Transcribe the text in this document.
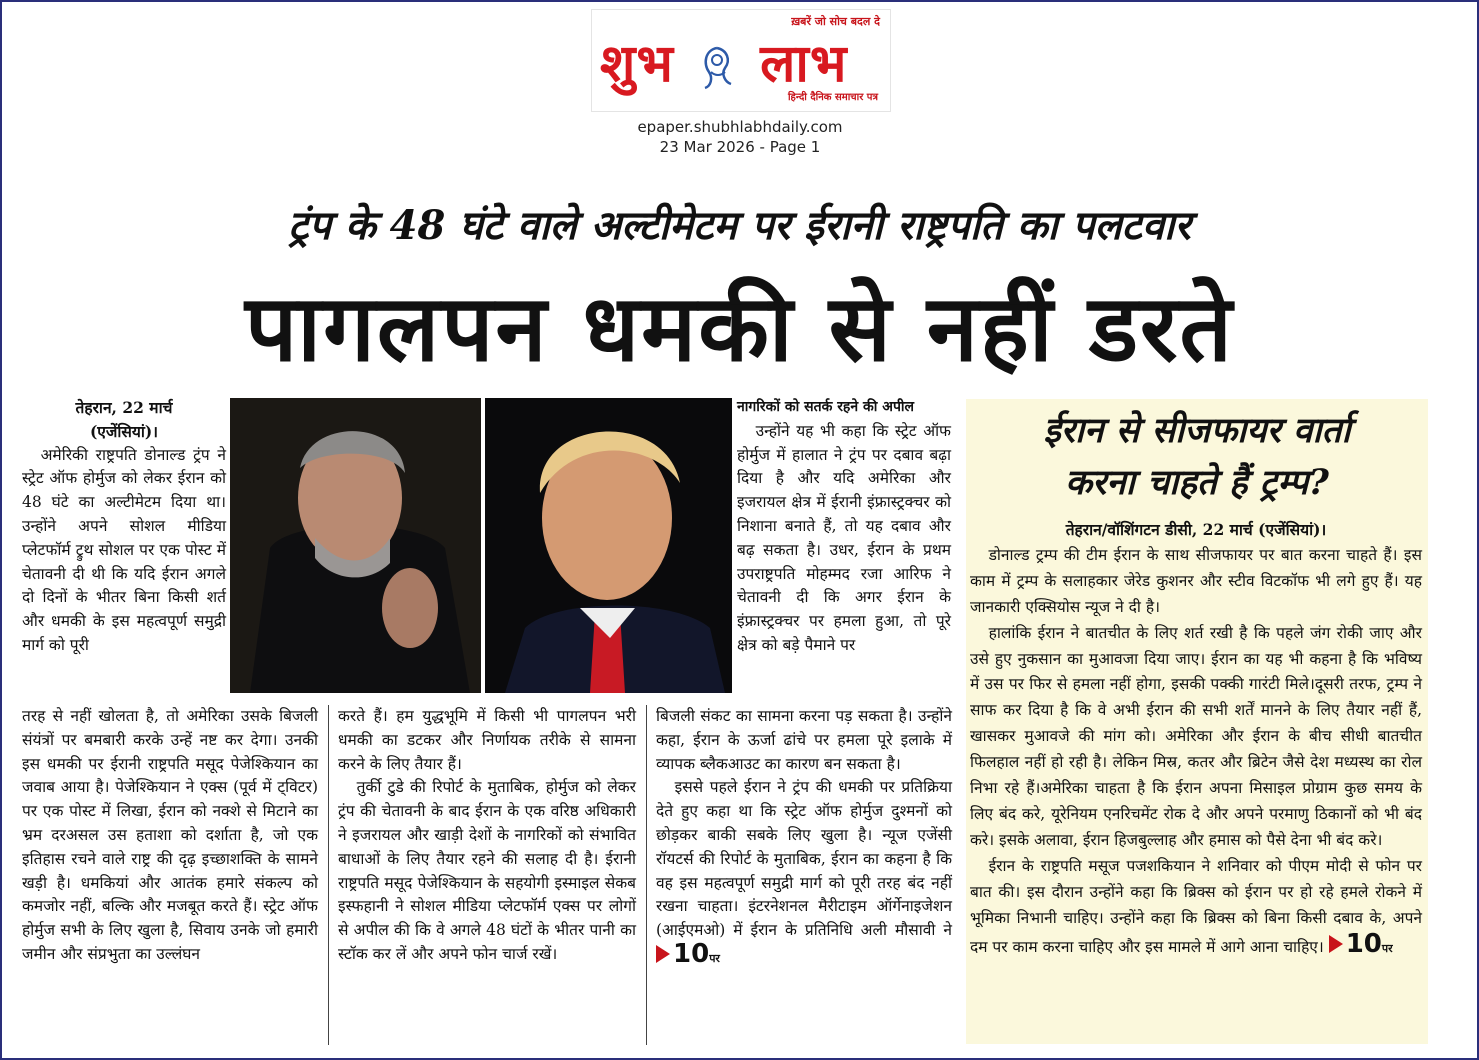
ख़बरें जो सोच बदल दे
शुभ लाभ
हिन्दी दैनिक समाचार पत्र
epaper.shubhlabhdaily.com
23 Mar 2026 - Page 1
ट्रंप के 48 घंटे वाले अल्टीमेटम पर ईरानी राष्ट्रपति का पलटवार
पागलपन धमकी से नहीं डरते

तेहरान, 22 मार्च

(एजेंसियां)।

अमेरिकी राष्ट्रपति डोनाल्ड ट्रंप ने स्ट्रेट ऑफ होर्मुज को लेकर ईरान को 48 घंटे का अल्टीमेटम दिया था। उन्होंने अपने सोशल मीडिया प्लेटफॉर्म ट्रुथ सोशल पर एक पोस्ट में चेतावनी दी थी कि यदि ईरान अगले दो दिनों के भीतर बिना किसी शर्त और धमकी के इस महत्वपूर्ण समुद्री मार्ग को पूरी

नागरिकों को सतर्क रहने की अपील

उन्होंने यह भी कहा कि स्ट्रेट ऑफ होर्मुज में हालात ने ट्रंप पर दबाव बढ़ा दिया है और यदि अमेरिका और इजरायल क्षेत्र में ईरानी इंफ्रास्ट्रक्चर को निशाना बनाते हैं, तो यह दबाव और बढ़ सकता है। उधर, ईरान के प्रथम उपराष्ट्रपति मोहम्मद रजा आरिफ ने चेतावनी दी कि अगर ईरान के इंफ्रास्ट्रक्चर पर हमला हुआ, तो पूरे क्षेत्र को बड़े पैमाने पर

तरह से नहीं खोलता है, तो अमेरिका उसके बिजली संयंत्रों पर बमबारी करके उन्हें नष्ट कर देगा। उनकी इस धमकी पर ईरानी राष्ट्रपति मसूद पेजेश्कियान का जवाब आया है। पेजेश्कियान ने एक्स (पूर्व में ट्विटर) पर एक पोस्ट में लिखा, ईरान को नक्शे से मिटाने का भ्रम दरअसल उस हताशा को दर्शाता है, जो एक इतिहास रचने वाले राष्ट्र की दृढ़ इच्छाशक्ति के सामने खड़ी है। धमकियां और आतंक हमारे संकल्प को कमजोर नहीं, बल्कि और मजबूत करते हैं। स्ट्रेट ऑफ होर्मुज सभी के लिए खुला है, सिवाय उनके जो हमारी जमीन और संप्रभुता का उल्लंघन

करते हैं। हम युद्धभूमि में किसी भी पागलपन भरी धमकी का डटकर और निर्णायक तरीके से सामना करने के लिए तैयार हैं।

तुर्की टुडे की रिपोर्ट के मुताबिक, होर्मुज को लेकर ट्रंप की चेतावनी के बाद ईरान के एक वरिष्ठ अधिकारी ने इजरायल और खाड़ी देशों के नागरिकों को संभावित बाधाओं के लिए तैयार रहने की सलाह दी है। ईरानी राष्ट्रपति मसूद पेजेश्कियान के सहयोगी इस्माइल सेकब इस्फहानी ने सोशल मीडिया प्लेटफॉर्म एक्स पर लोगों से अपील की कि वे अगले 48 घंटों के भीतर पानी का स्टॉक कर लें और अपने फोन चार्ज रखें।

बिजली संकट का सामना करना पड़ सकता है। उन्होंने कहा, ईरान के ऊर्जा ढांचे पर हमला पूरे इलाके में व्यापक ब्लैकआउट का कारण बन सकता है।

इससे पहले ईरान ने ट्रंप की धमकी पर प्रतिक्रिया देते हुए कहा था कि स्ट्रेट ऑफ होर्मुज दुश्मनों को छोड़कर बाकी सबके लिए खुला है। न्यूज एजेंसी रॉयटर्स की रिपोर्ट के मुताबिक, ईरान का कहना है कि वह इस महत्वपूर्ण समुद्री मार्ग को पूरी तरह बंद नहीं रखना चाहता। इंटरनेशनल मैरीटाइम ऑर्गेनाइजेशन (आईएमओ) में ईरान के प्रतिनिधि अली मौसावी ने 10पर

ईरान से सीजफायर वार्ता
करना चाहते हैं ट्रम्प?

तेहरान/वॉशिंगटन डीसी, 22 मार्च (एजेंसियां)।

डोनाल्ड ट्रम्प की टीम ईरान के साथ सीजफायर पर बात करना चाहते हैं। इस काम में ट्रम्प के सलाहकार जेरेड कुशनर और स्टीव विटकॉफ भी लगे हुए हैं। यह जानकारी एक्सियोस न्यूज ने दी है।

हालांकि ईरान ने बातचीत के लिए शर्त रखी है कि पहले जंग रोकी जाए और उसे हुए नुकसान का मुआवजा दिया जाए। ईरान का यह भी कहना है कि भविष्य में उस पर फिर से हमला नहीं होगा, इसकी पक्की गारंटी मिले।दूसरी तरफ, ट्रम्प ने साफ कर दिया है कि वे अभी ईरान की सभी शर्तें मानने के लिए तैयार नहीं हैं, खासकर मुआवजे की मांग को। अमेरिका और ईरान के बीच सीधी बातचीत फिलहाल नहीं हो रही है। लेकिन मिस्र, कतर और ब्रिटेन जैसे देश मध्यस्थ का रोल निभा रहे हैं।अमेरिका चाहता है कि ईरान अपना मिसाइल प्रोग्राम कुछ समय के लिए बंद करे, यूरेनियम एनरिचमेंट रोक दे और अपने परमाणु ठिकानों को भी बंद करे। इसके अलावा, ईरान हिजबुल्लाह और हमास को पैसे देना भी बंद करे।

ईरान के राष्ट्रपति मसूज पजशकियान ने शनिवार को पीएम मोदी से फोन पर बात की। इस दौरान उन्होंने कहा कि ब्रिक्स को ईरान पर हो रहे हमले रोकने में भूमिका निभानी चाहिए। उन्होंने कहा कि ब्रिक्स को बिना किसी दबाव के, अपने दम पर काम करना चाहिए और इस मामले में आगे आना चाहिए। 10पर
